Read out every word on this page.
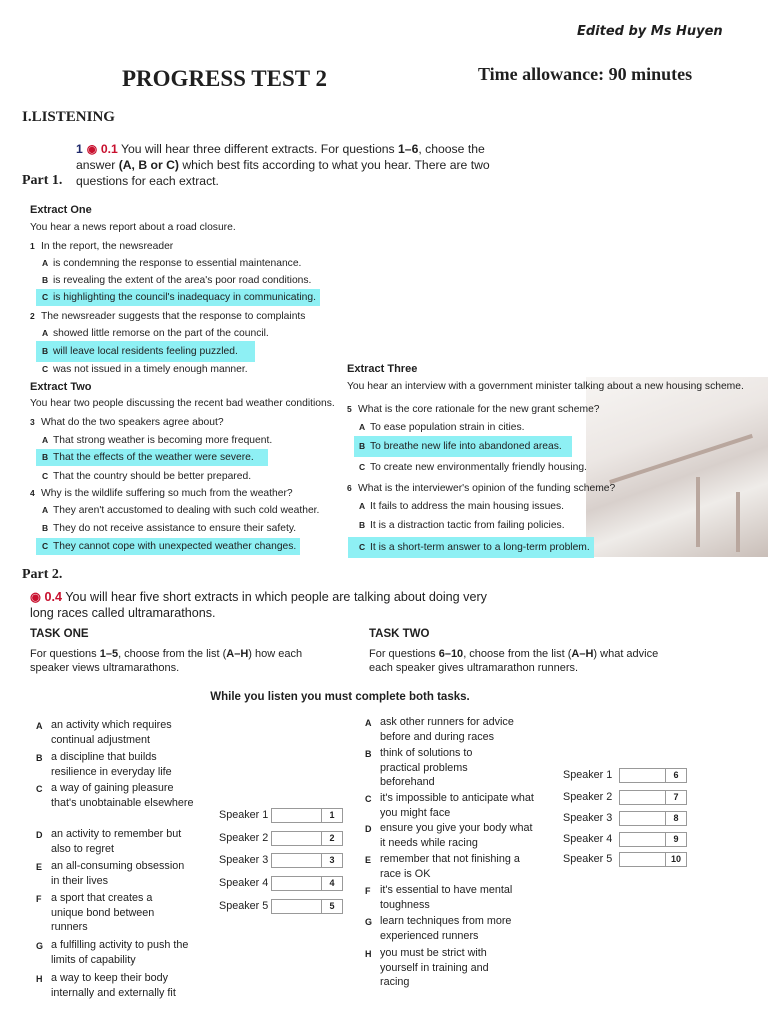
Edited by Ms Huyen
PROGRESS TEST 2	Time allowance: 90 minutes
I.LISTENING
Part 1.
1 ◉ 0.1 You will hear three different extracts. For questions 1–6, choose the answer (A, B or C) which best fits according to what you hear. There are two questions for each extract.
Extract One
You hear a news report about a road closure.
1 In the report, the newsreader
A is condemning the response to essential maintenance.
B is revealing the extent of the area's poor road conditions.
C is highlighting the council's inadequacy in communicating.
2 The newsreader suggests that the response to complaints
A showed little remorse on the part of the council.
B will leave local residents feeling puzzled.
C was not issued in a timely enough manner.
Extract Two
You hear two people discussing the recent bad weather conditions.
3 What do the two speakers agree about?
A That strong weather is becoming more frequent.
B That the effects of the weather were severe.
C That the country should be better prepared.
4 Why is the wildlife suffering so much from the weather?
A They aren't accustomed to dealing with such cold weather.
B They do not receive assistance to ensure their safety.
C They cannot cope with unexpected weather changes.
Extract Three
You hear an interview with a government minister talking about a new housing scheme.
5 What is the core rationale for the new grant scheme?
A To ease population strain in cities.
B To breathe new life into abandoned areas.
C To create new environmentally friendly housing.
6 What is the interviewer's opinion of the funding scheme?
A It fails to address the main housing issues.
B It is a distraction tactic from failing policies.
C It is a short-term answer to a long-term problem.
Part 2.
◉ 0.4 You will hear five short extracts in which people are talking about doing very long races called ultramarathons.
TASK ONE
For questions 1–5, choose from the list (A–H) how each speaker views ultramarathons.
TASK TWO
For questions 6–10, choose from the list (A–H) what advice each speaker gives ultramarathon runners.
While you listen you must complete both tasks.
A an activity which requires continual adjustment
B a discipline that builds resilience in everyday life
C a way of gaining pleasure that's unobtainable elsewhere
D an activity to remember but also to regret
E an all-consuming obsession in their lives
F a sport that creates a unique bond between runners
G a fulfilling activity to push the limits of capability
H a way to keep their body internally and externally fit
Speaker 1	1
Speaker 2	2
Speaker 3	3
Speaker 4	4
Speaker 5	5
A ask other runners for advice before and during races
B think of solutions to practical problems beforehand
C it's impossible to anticipate what you might face
D ensure you give your body what it needs while racing
E remember that not finishing a race is OK
F it's essential to have mental toughness
G learn techniques from more experienced runners
H you must be strict with yourself in training and racing
Speaker 1	6
Speaker 2	7
Speaker 3	8
Speaker 4	9
Speaker 5	10
